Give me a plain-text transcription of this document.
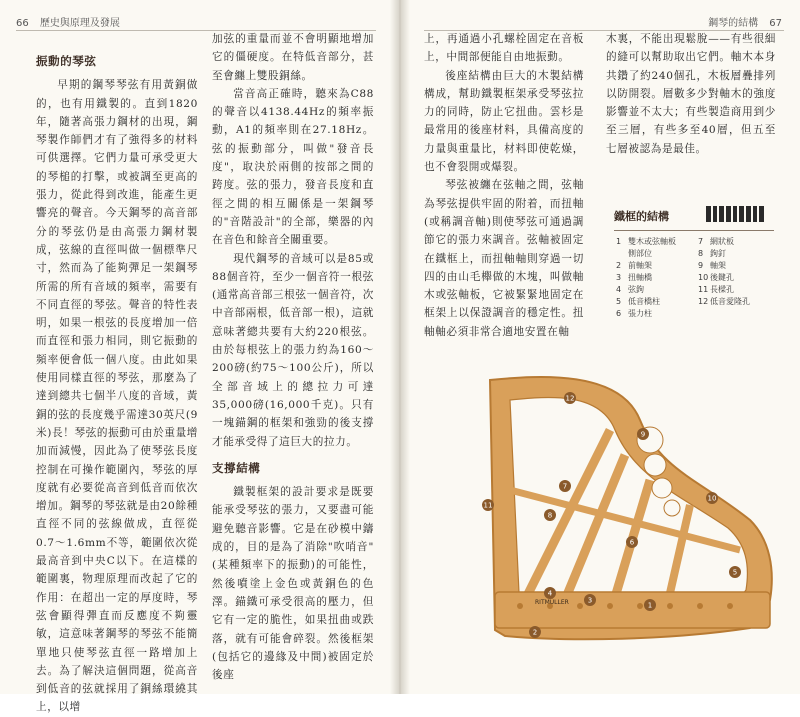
66 歷史與原理及發展	鋼琴的結構 67
振動的琴弦

早期的鋼琴琴弦有用黃銅做的，也有用鐵製的。直到1820年，隨著高張力鋼材的出現，鋼琴製作師們才有了強得多的材料可供選擇。它們力量可承受更大的琴槌的打擊，或被調至更高的張力，從此得到改進，能產生更響亮的聲音。今天鋼琴的高音部分的琴弦仍是由高張力鋼材製成，弦線的直徑叫做一個標準尺寸，然而為了能夠彈足一架鋼琴所需的所有音域的頻率，需要有不同直徑的琴弦。聲音的特性表明，如果一根弦的長度增加一倍而直徑和張力相同，則它振動的頻率便會低一個八度。由此如果使用同樣直徑的琴弦，那麼為了達到總共七個半八度的音域，黃銅的弦的長度幾乎需達30英尺(9米)長！琴弦的振動可由於重量增加而減慢，因此為了使琴弦長度控制在可操作範圍內，琴弦的厚度就有必要從高音到低音而依次增加。鋼琴的琴弦就是由20餘種直徑不同的弦線做成，直徑從0.7～1.6mm不等，範圍依次從最高音到中央C以下。在這樣的範圍裏，物理原理而改起了它的作用：在超出一定的厚度時，琴弦會顯得彈直而反應度不夠靈敏，這意味著鋼琴的琴弦不能簡單地只使琴弦直徑一路增加上去。為了解決這個問題，從高音到低音的弦就採用了銅絲環繞其上，以增

加弦的重量而並不會明顯地增加它的僵硬度。在特低音部分，甚至會纏上雙股銅絲。

當音高正確時，聽來為C88的聲音以4138.44Hz的頻率振動，A1的頻率則在27.18Hz。弦的振動部分，叫做"發音長度"，取決於兩側的按部之間的跨度。弦的張力，發音長度和直徑之間的相互關係是一架鋼琴的"音階設計"的全部，樂器的內在音色和餘音全關重要。

現代鋼琴的音域可以是85或88個音符，至少一個音符一根弦(通常高音部三根弦一個音符，次中音部兩根，低音部一根)，這就意味著總共要有大約220根弦。由於每根弦上的張力約為160～200磅(約75～100公斤)，所以全部音域上的總拉力可達35,000磅(16,000千克)。只有一塊錨鋼的框架和強勁的後支撐才能承受得了這巨大的拉力。

支撐結構

鐵製框架的設計要求是既要能承受琴弦的張力，又要盡可能避免聽音影響。它是在砂模中鑄成的，目的是為了消除"吹哨音"(某種頻率下的振動)的可能性，然後噴塗上金色或黃銅色的色澤。錨鐵可承受很高的壓力，但它有一定的脆性，如果扭曲或跌落，就有可能會碎裂。然後框架(包括它的邊緣及中間)被固定於後座

上，再通過小孔螺栓固定在音板上，中間部便能自由地振動。

後座結構由巨大的木製結構構成，幫助鐵製框架承受琴弦拉力的同時，防止它扭曲。雲杉是最常用的後座材料，具備高度的力量與重量比，材料即使乾燥，也不會裂開或爆裂。

琴弦被纏在弦軸之間，弦軸為琴弦提供牢固的附着，而扭軸(或稱調音軸)則使琴弦可通過調節它的張力來調音。弦軸被固定在鐵框上，而扭軸軸則穿過一切四的由山毛櫸做的木塊，叫做軸木或弦軸板，它被緊緊地固定在框架上以保證調音的穩定性。扭軸軸必須非常合適地安置在軸

木裏，不能出現鬆脫——有些很細的縫可以幫助取出它們。軸木本身共鑽了約240個孔，木板層疊排列以防開裂。層數多少對軸木的強度影響並不太大；有些製造商用到少至三層，有些多至40層，但五至七層被認為是最佳。

鐵框的結構
1 雙木或弦軸板	7 網狀板
側部位	8 鉤釘
2 前軸架	9 軸架
3 扭軸橋	10 後鍵孔
4 弦鉤	11 長樑孔
5 低音橋柱	12 低音愛隆孔
6 張力柱
RITMÜLLER	1
2
3
4
5
6
7
8
9
10
11
12
